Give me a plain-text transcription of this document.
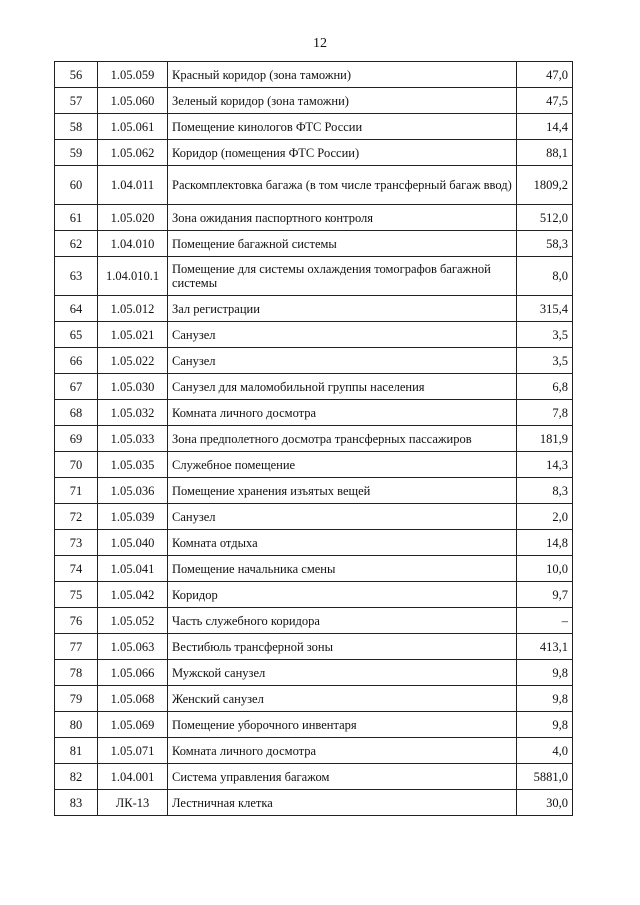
12
56	1.05.059	Красный коридор (зона таможни)	47,0
57	1.05.060	Зеленый коридор (зона таможни)	47,5
58	1.05.061	Помещение кинологов ФТС России	14,4
59	1.05.062	Коридор (помещения ФТС России)	88,1
60	1.04.011	Раскомплектовка багажа (в том числе трансферный багаж ввод)	1809,2
61	1.05.020	Зона ожидания паспортного контроля	512,0
62	1.04.010	Помещение багажной системы	58,3
63	1.04.010.1	Помещение для системы охлаждения томографов багажной системы	8,0
64	1.05.012	Зал регистрации	315,4
65	1.05.021	Санузел	3,5
66	1.05.022	Санузел	3,5
67	1.05.030	Санузел для маломобильной группы населения	6,8
68	1.05.032	Комната личного досмотра	7,8
69	1.05.033	Зона предполетного досмотра трансферных пассажиров	181,9
70	1.05.035	Служебное помещение	14,3
71	1.05.036	Помещение хранения изъятых вещей	8,3
72	1.05.039	Санузел	2,0
73	1.05.040	Комната отдыха	14,8
74	1.05.041	Помещение начальника смены	10,0
75	1.05.042	Коридор	9,7
76	1.05.052	Часть служебного коридора	–
77	1.05.063	Вестибюль трансферной зоны	413,1
78	1.05.066	Мужской санузел	9,8
79	1.05.068	Женский санузел	9,8
80	1.05.069	Помещение уборочного инвентаря	9,8
81	1.05.071	Комната личного досмотра	4,0
82	1.04.001	Система управления багажом	5881,0
83	ЛК-13	Лестничная клетка	30,0
